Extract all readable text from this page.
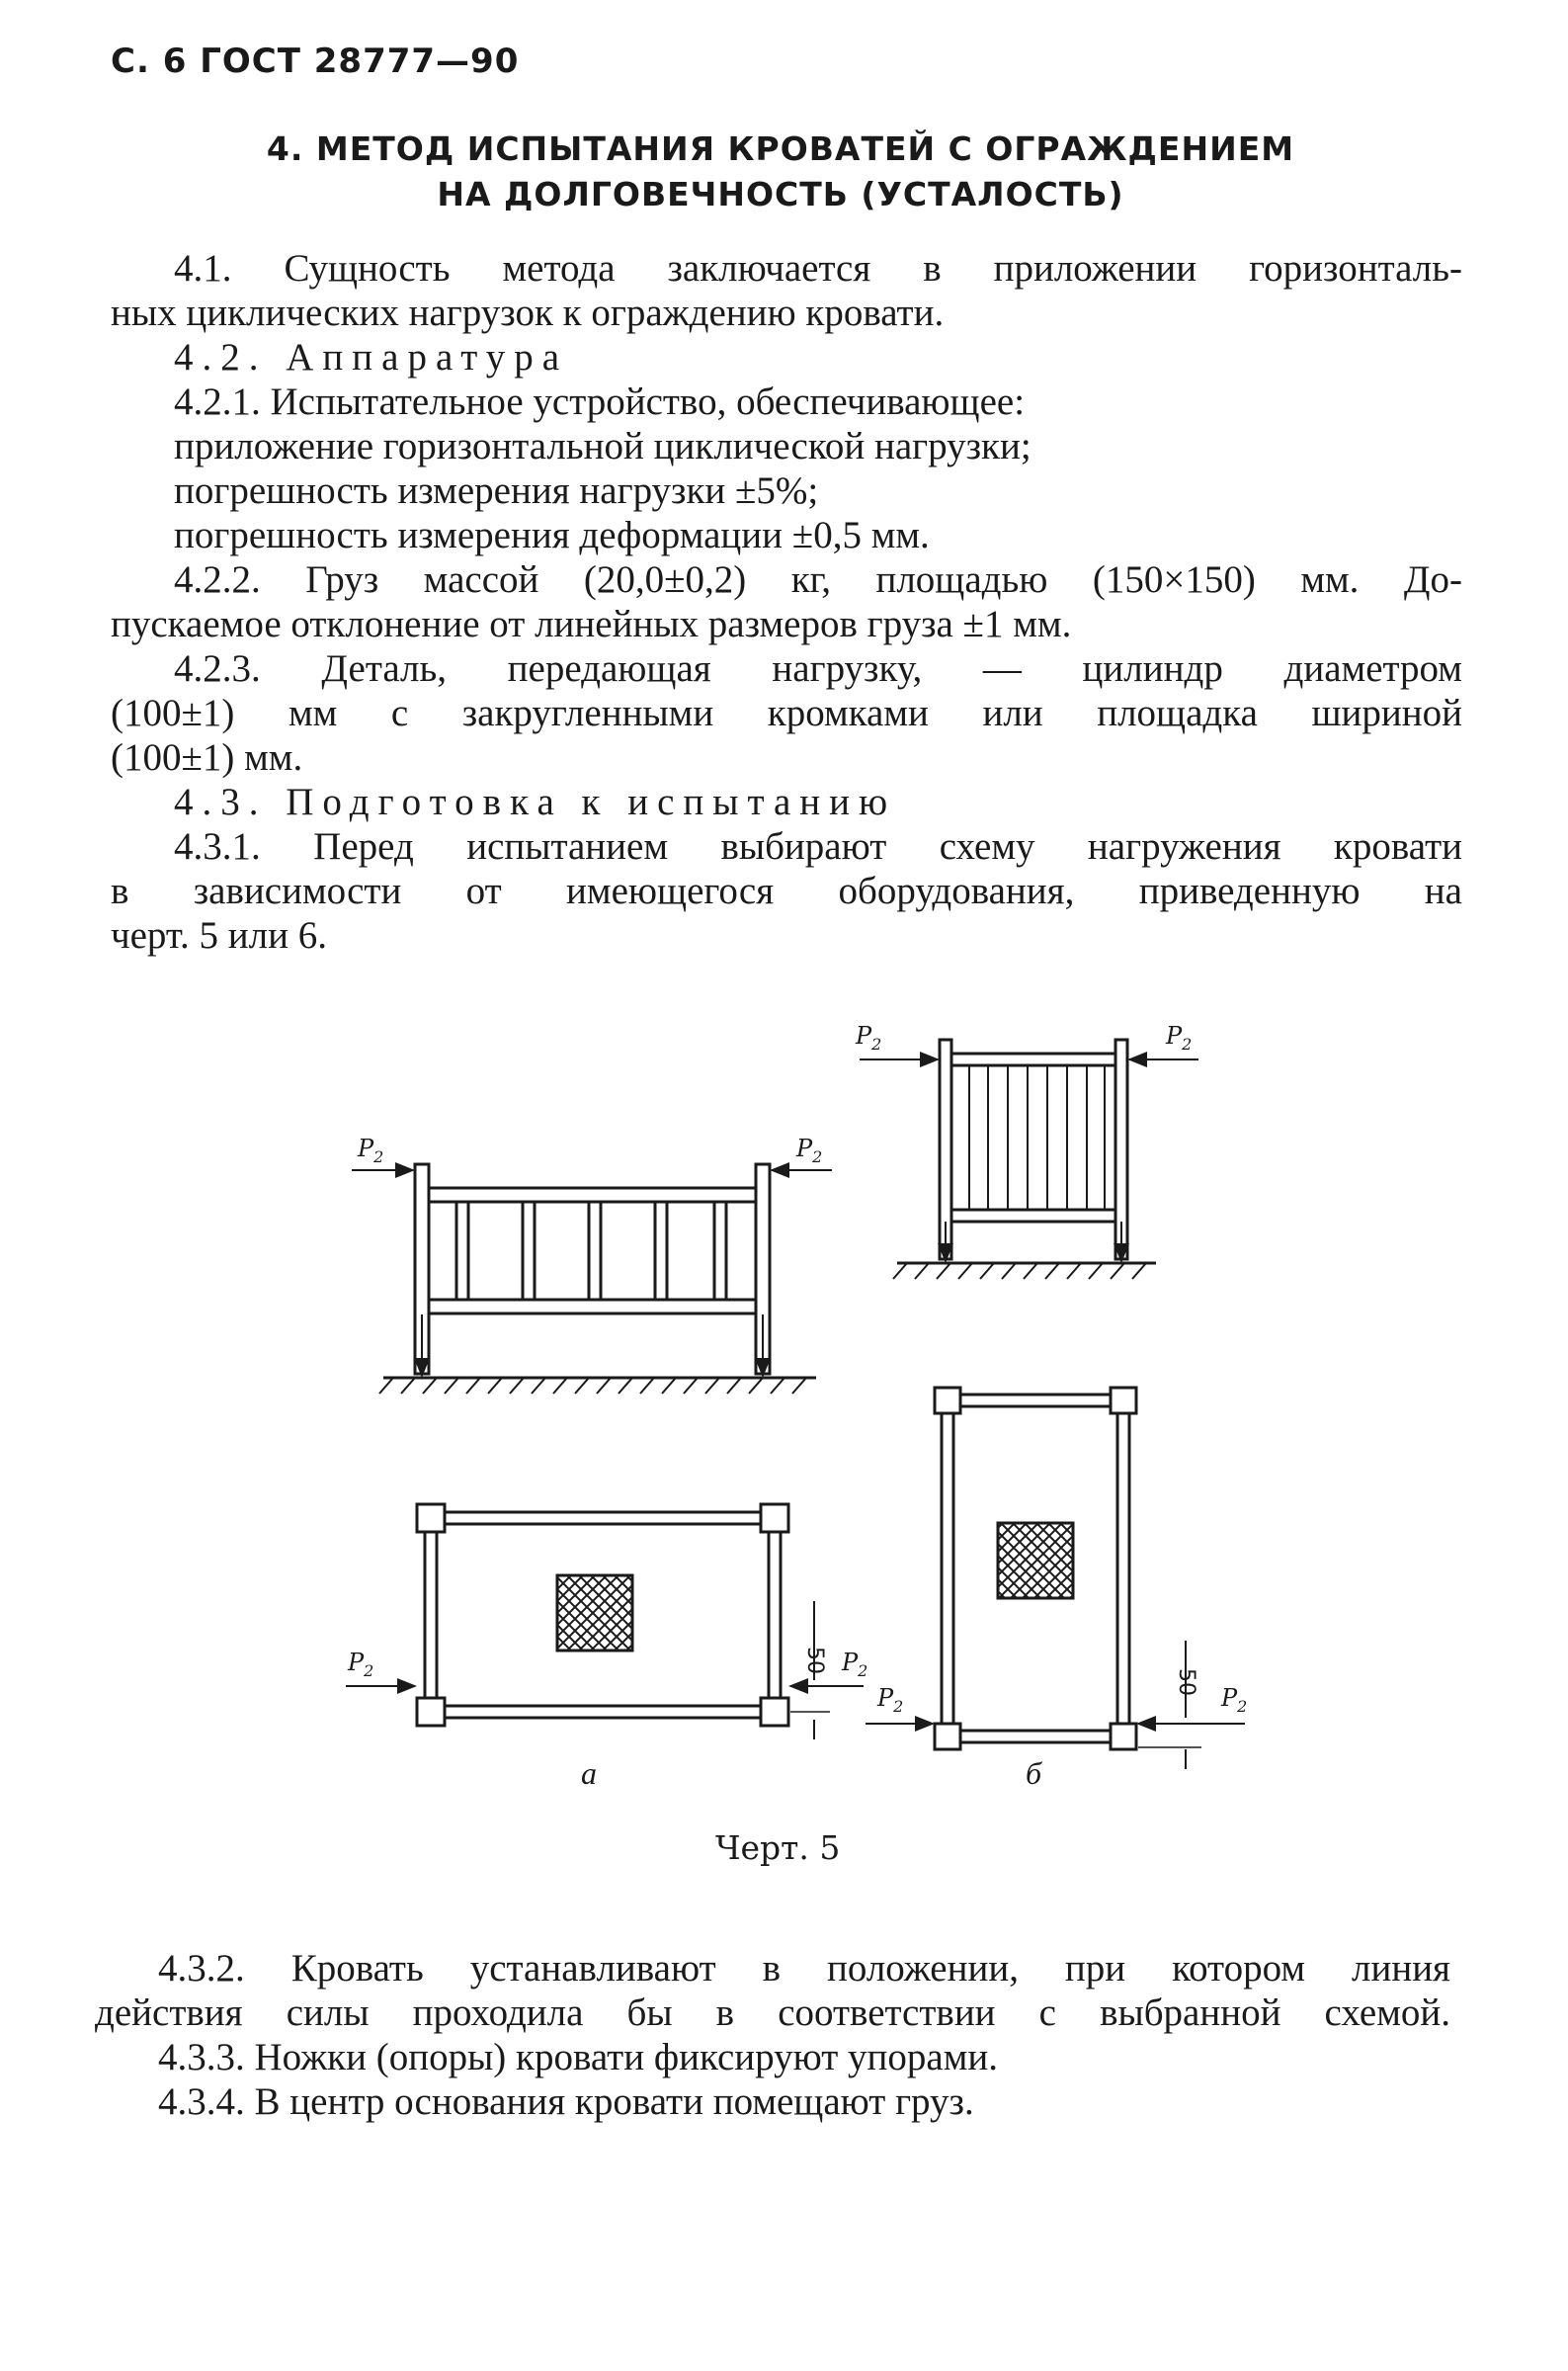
С. 6 ГОСТ 28777—90
4. МЕТОД ИСПЫТАНИЯ КРОВАТЕЙ С ОГРАЖДЕНИЕМ
НА ДОЛГОВЕЧНОСТЬ (УСТАЛОСТЬ)
4.1. Сущность метода заключается в приложении горизонталь-
ных циклических нагрузок к ограждению кровати.
4.2. Аппаратура
4.2.1. Испытательное устройство, обеспечивающее:
приложение горизонтальной циклической нагрузки;
погрешность измерения нагрузки ±5%;
погрешность измерения деформации ±0,5 мм.
4.2.2. Груз массой (20,0±0,2) кг, площадью (150×150) мм. До-
пускаемое отклонение от линейных размеров груза ±1 мм.
4.2.3. Деталь, передающая нагрузку, — цилиндр диаметром
(100±1) мм с закругленными кромками или площадка шириной
(100±1) мм.
4.3. Подготовка к испытанию
4.3.1. Перед испытанием выбирают схему нагружения кровати
в зависимости от имеющегося оборудования, приведенную на
черт. 5 или 6.
$P_2$	$P_2$
$P_2$	$P_2$
$P_2$	$P_2$
$P_2$	$P_2$
50
50
а	б
Черт. 5
4.3.2. Кровать устанавливают в положении, при котором линия
действия силы проходила бы в соответствии с выбранной схемой.
4.3.3. Ножки (опоры) кровати фиксируют упорами.
4.3.4. В центр основания кровати помещают груз.
